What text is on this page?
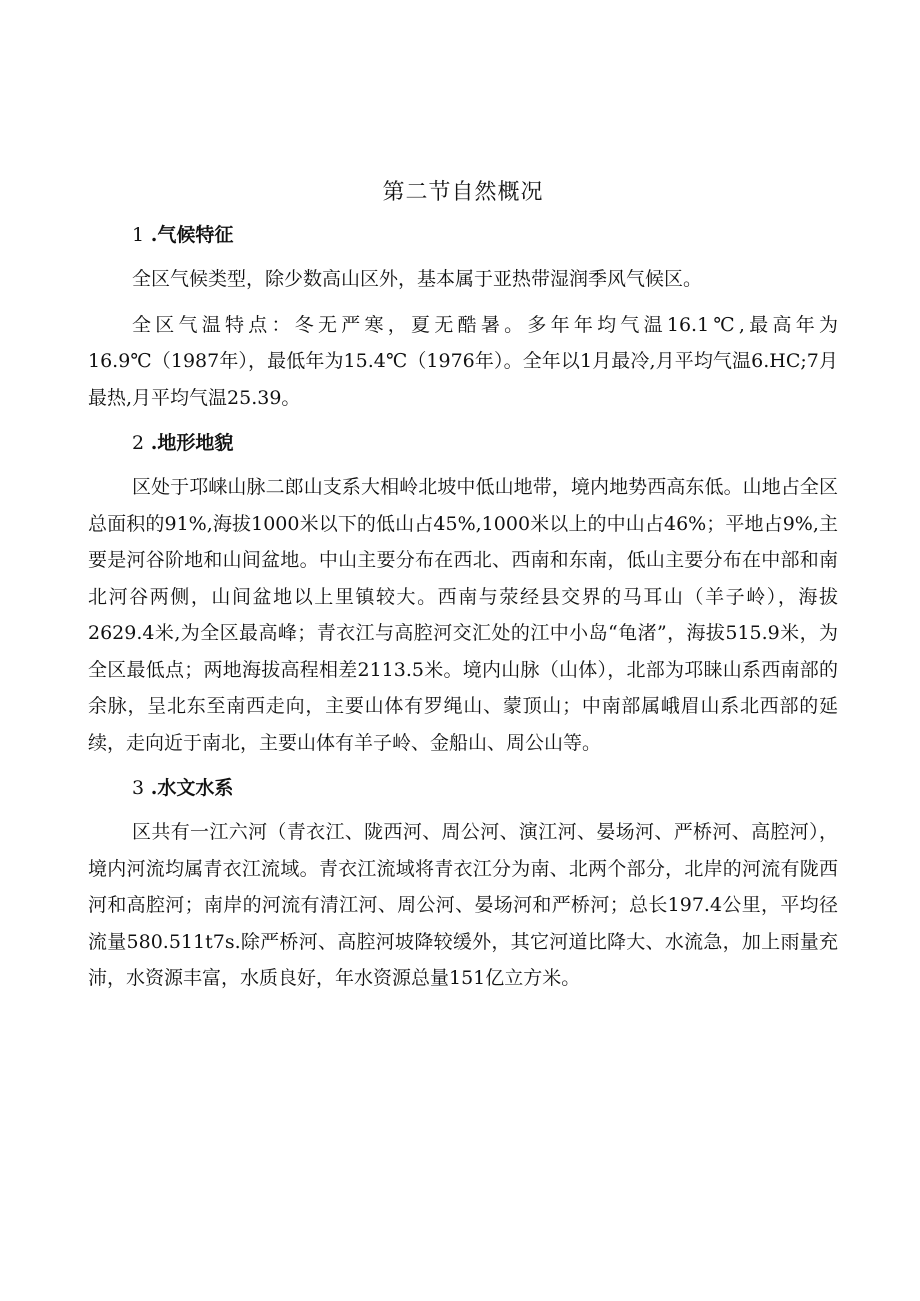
第二节自然概况
1 .气候特征

全区气候类型，除少数高山区外，基本属于亚热带湿润季风气候区。

全区气温特点：冬无严寒，夏无酷暑。多年年均气温16.1℃,最高年为16.9℃（1987年），最低年为15.4℃（1976年）。全年以1月最冷,月平均气温6.HC;7月最热,月平均气温25.39。

2 .地形地貌

区处于邛崃山脉二郎山支系大相岭北坡中低山地带，境内地势西高东低。山地占全区总面积的91%,海拔1000米以下的低山占45%,1000米以上的中山占46%；平地占9%,主要是河谷阶地和山间盆地。中山主要分布在西北、西南和东南，低山主要分布在中部和南北河谷两侧，山间盆地以上里镇较大。西南与荥经县交界的马耳山（羊子岭），海拔2629.4米,为全区最高峰；青衣江与高腔河交汇处的江中小岛“龟渚”，海拔515.9米，为全区最低点；两地海拔高程相差2113.5米。境内山脉（山体），北部为邛睐山系西南部的余脉，呈北东至南西走向，主要山体有罗绳山、蒙顶山；中南部属峨眉山系北西部的延续，走向近于南北，主要山体有羊子岭、金船山、周公山等。

3 .水文水系

区共有一江六河（青衣江、陇西河、周公河、演江河、晏场河、严桥河、高腔河），境内河流均属青衣江流域。青衣江流域将青衣江分为南、北两个部分，北岸的河流有陇西河和高腔河；南岸的河流有清江河、周公河、晏场河和严桥河；总长197.4公里，平均径流量580.511t7s.除严桥河、高腔河坡降较缓外，其它河道比降大、水流急，加上雨量充沛，水资源丰富，水质良好，年水资源总量151亿立方米。
